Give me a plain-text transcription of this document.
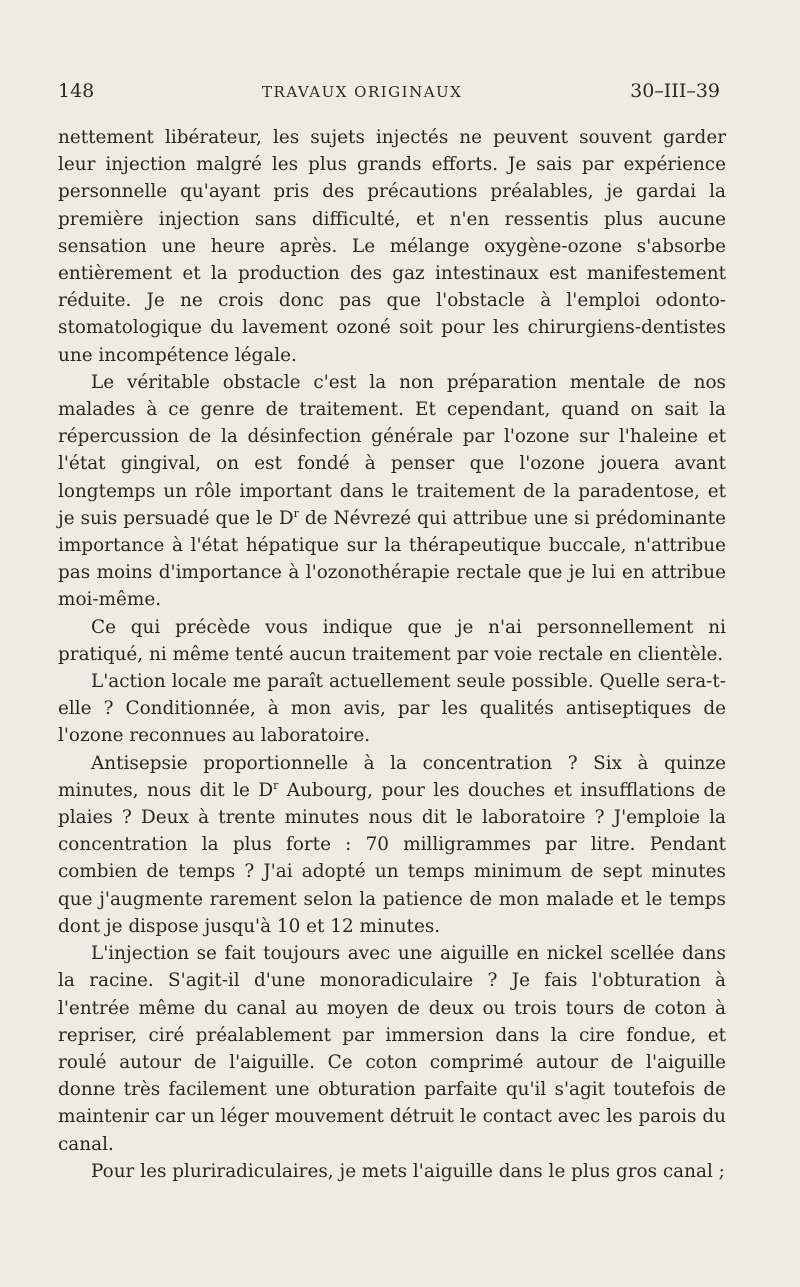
148	TRAVAUX ORIGINAUX	30–III–39

nettement libérateur, les sujets injectés ne peuvent souvent garder leur injection malgré les plus grands efforts. Je sais par expérience personnelle qu'ayant pris des précautions préalables, je gardai la première injection sans difficulté, et n'en ressentis plus aucune sensation une heure après. Le mélange oxygène-ozone s'absorbe entièrement et la production des gaz intestinaux est manifestement réduite. Je ne crois donc pas que l'obstacle à l'emploi odonto-stomatologique du lavement ozoné soit pour les chirurgiens-dentistes une incompétence légale.

Le véritable obstacle c'est la non préparation mentale de nos malades à ce genre de traitement. Et cependant, quand on sait la répercussion de la désinfection générale par l'ozone sur l'haleine et l'état gingival, on est fondé à penser que l'ozone jouera avant longtemps un rôle important dans le traitement de la paradentose, et je suis persuadé que le $D^r$ de Névrezé qui attribue une si prédominante importance à l'état hépatique sur la thérapeutique buccale, n'attribue pas moins d'importance à l'ozonothérapie rectale que je lui en attribue moi-même.

Ce qui précède vous indique que je n'ai personnellement ni pratiqué, ni même tenté aucun traitement par voie rectale en clientèle.

L'action locale me paraît actuellement seule possible. Quelle sera-t-elle ? Conditionnée, à mon avis, par les qualités antiseptiques de l'ozone reconnues au laboratoire.

Antisepsie proportionnelle à la concentration ? Six à quinze minutes, nous dit le $D^r$ Aubourg, pour les douches et insufflations de plaies ? Deux à trente minutes nous dit le laboratoire ? J'emploie la concentration la plus forte : 70 milligrammes par litre. Pendant combien de temps ? J'ai adopté un temps minimum de sept minutes que j'augmente rarement selon la patience de mon malade et le temps dont je dispose jusqu'à 10 et 12 minutes.

L'injection se fait toujours avec une aiguille en nickel scellée dans la racine. S'agit-il d'une monoradiculaire ? Je fais l'obturation à l'entrée même du canal au moyen de deux ou trois tours de coton à repriser, ciré préalablement par immersion dans la cire fondue, et roulé autour de l'aiguille. Ce coton comprimé autour de l'aiguille donne très facilement une obturation parfaite qu'il s'agit toutefois de maintenir car un léger mouvement détruit le contact avec les parois du canal.

Pour les pluriradiculaires, je mets l'aiguille dans le plus gros canal ;
